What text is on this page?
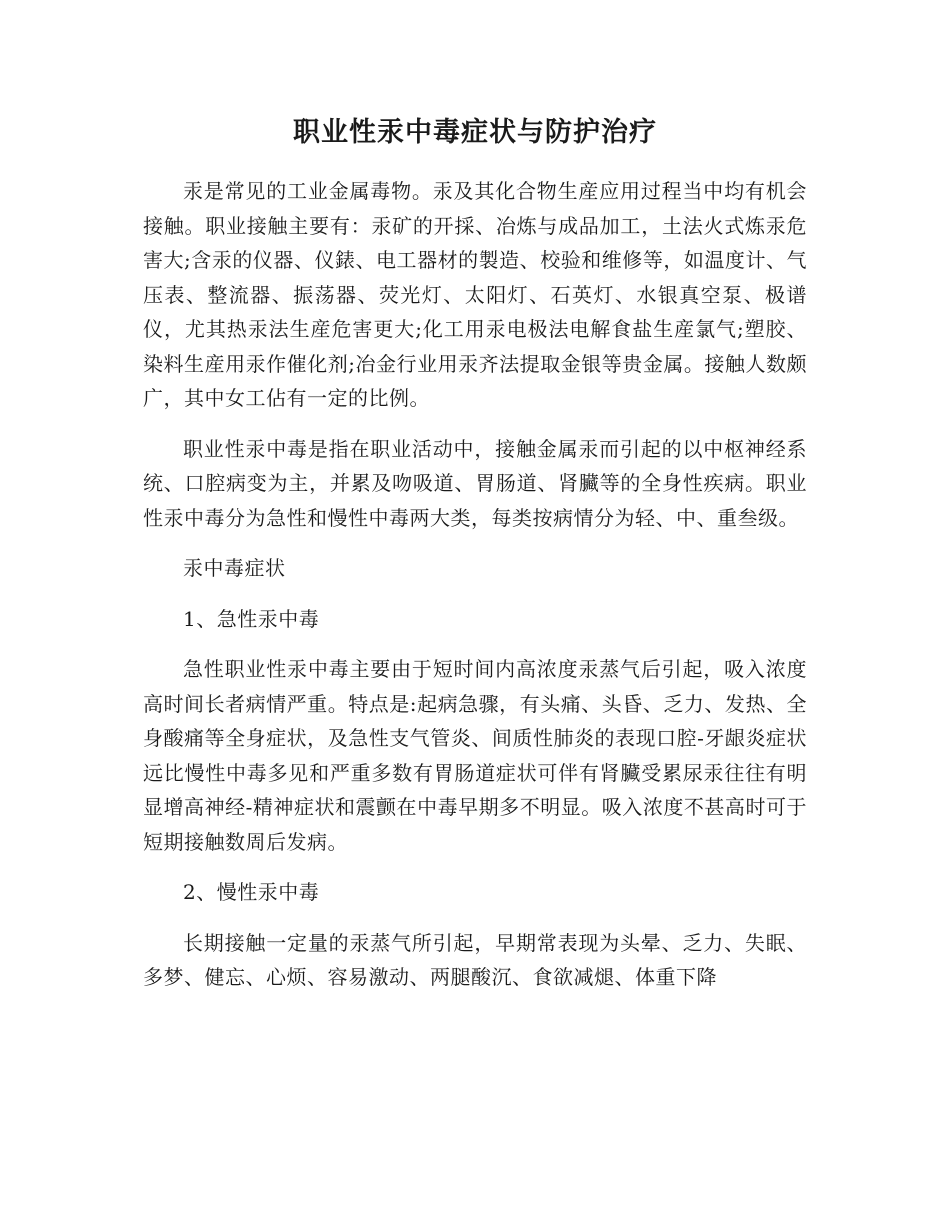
职业性汞中毒症状与防护治疗

汞是常见的工业金属毒物。汞及其化合物生産应用过程当中均有机会接触。职业接触主要有：汞矿的开採、冶炼与成品加工，土法火式炼汞危害大;含汞的仪器、仪錶、电工器材的製造、校验和维修等，如温度计、气压表、整流器、振荡器、荧光灯、太阳灯、石英灯、水银真空泵、极谱仪，尤其热汞法生産危害更大;化工用汞电极法电解食盐生産氯气;塑胶、染料生産用汞作催化剂;冶金行业用汞齐法提取金银等贵金属。接触人数颇广，其中女工佔有一定的比例。

职业性汞中毒是指在职业活动中，接触金属汞而引起的以中枢神经系统、口腔病变为主，并累及吻吸道、胃肠道、肾臟等的全身性疾病。职业性汞中毒分为急性和慢性中毒两大类，每类按病情分为轻、中、重叁级。

汞中毒症状

1、急性汞中毒

急性职业性汞中毒主要由于短时间内高浓度汞蒸气后引起，吸入浓度高时间长者病情严重。特点是:起病急骤，有头痛、头昏、乏力、发热、全身酸痛等全身症状，及急性支气管炎、间质性肺炎的表现口腔-牙龈炎症状远比慢性中毒多见和严重多数有胃肠道症状可伴有肾臟受累尿汞往往有明显增高神经-精神症状和震颤在中毒早期多不明显。吸入浓度不甚高时可于短期接触数周后发病。

2、慢性汞中毒

长期接触一定量的汞蒸气所引起，早期常表现为头晕、乏力、失眠、多梦、健忘、心烦、容易激动、两腿酸沉、食欲减煺、体重下降
